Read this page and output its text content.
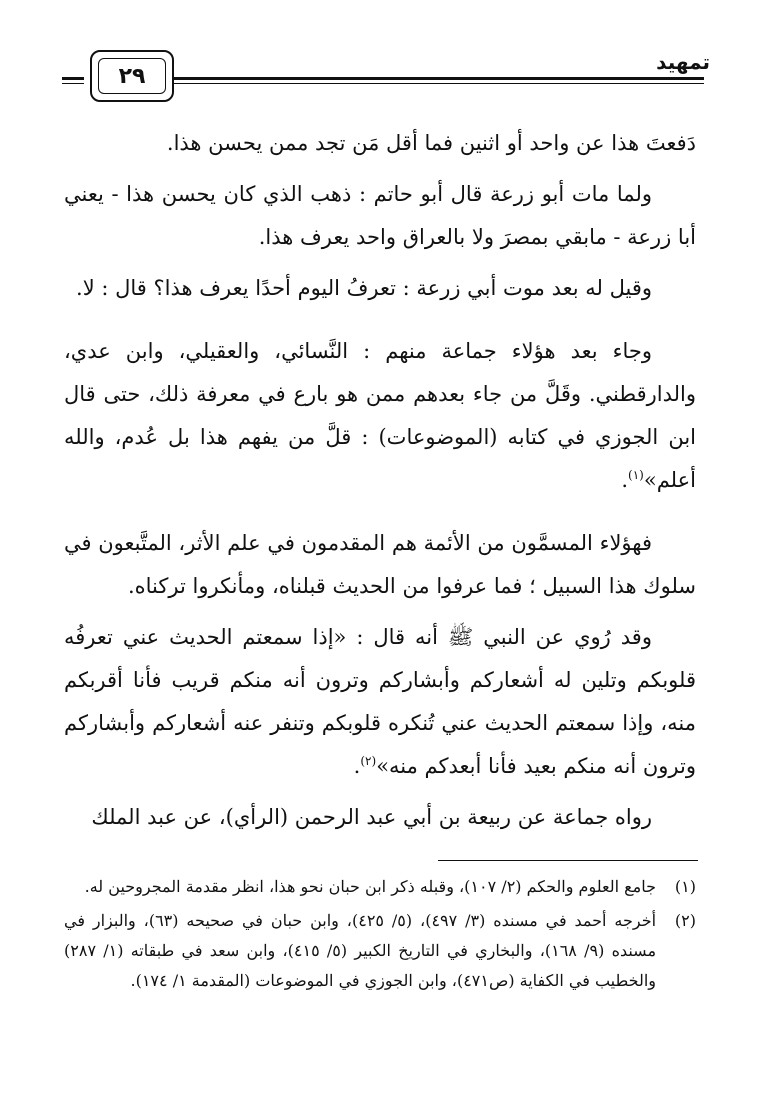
تمهيد
٢٩

دَفعتَ هذا عن واحد أو اثنين فما أقل مَن تجد ممن يحسن هذا.

ولما مات أبو زرعة قال أبو حاتم : ذهب الذي كان يحسن هذا - يعني أبا زرعة - مابقي بمصرَ ولا بالعراق واحد يعرف هذا.

وقيل له بعد موت أبي زرعة : تعرفُ اليوم أحدًا يعرف هذا؟ قال : لا.

وجاء بعد هؤلاء جماعة منهم : النَّسائي، والعقيلي، وابن عدي، والدارقطني. وقَلَّ من جاء بعدهم ممن هو بارع في معرفة ذلك، حتى قال ابن الجوزي في كتابه (الموضوعات) : قلَّ من يفهم هذا بل عُدم، والله أعلم»$^{(١)}$.

فهؤلاء المسمَّون من الأئمة هم المقدمون في علم الأثر، المتَّبعون في سلوك هذا السبيل ؛ فما عرفوا من الحديث قبلناه، ومأنكروا تركناه.

وقد رُوي عن النبي ﷺ أنه قال : «إذا سمعتم الحديث عني تعرفُه قلوبكم وتلين له أشعاركم وأبشاركم وترون أنه منكم قريب فأنا أقربكم منه، وإذا سمعتم الحديث عني تُنكره قلوبكم وتنفر عنه أشعاركم وأبشاركم وترون أنه منكم بعيد فأنا أبعدكم منه»$^{(٢)}$.

رواه جماعة عن ربيعة بن أبي عبد الرحمن (الرأي)، عن عبد الملك

(١)
جامع العلوم والحكم (٢/ ١٠٧)، وقبله ذكر ابن حبان نحو هذا، انظر مقدمة المجروحين له.
(٢)
أخرجه أحمد في مسنده (٣/ ٤٩٧)، (٥/ ٤٢٥)، وابن حبان في صحيحه (٦٣)، والبزار في مسنده (٩/ ١٦٨)، والبخاري في التاريخ الكبير (٥/ ٤١٥)، وابن سعد في طبقاته (١/ ٢٨٧) والخطيب في الكفاية (ص٤٧١)، وابن الجوزي في الموضوعات (المقدمة ١/ ١٧٤).
